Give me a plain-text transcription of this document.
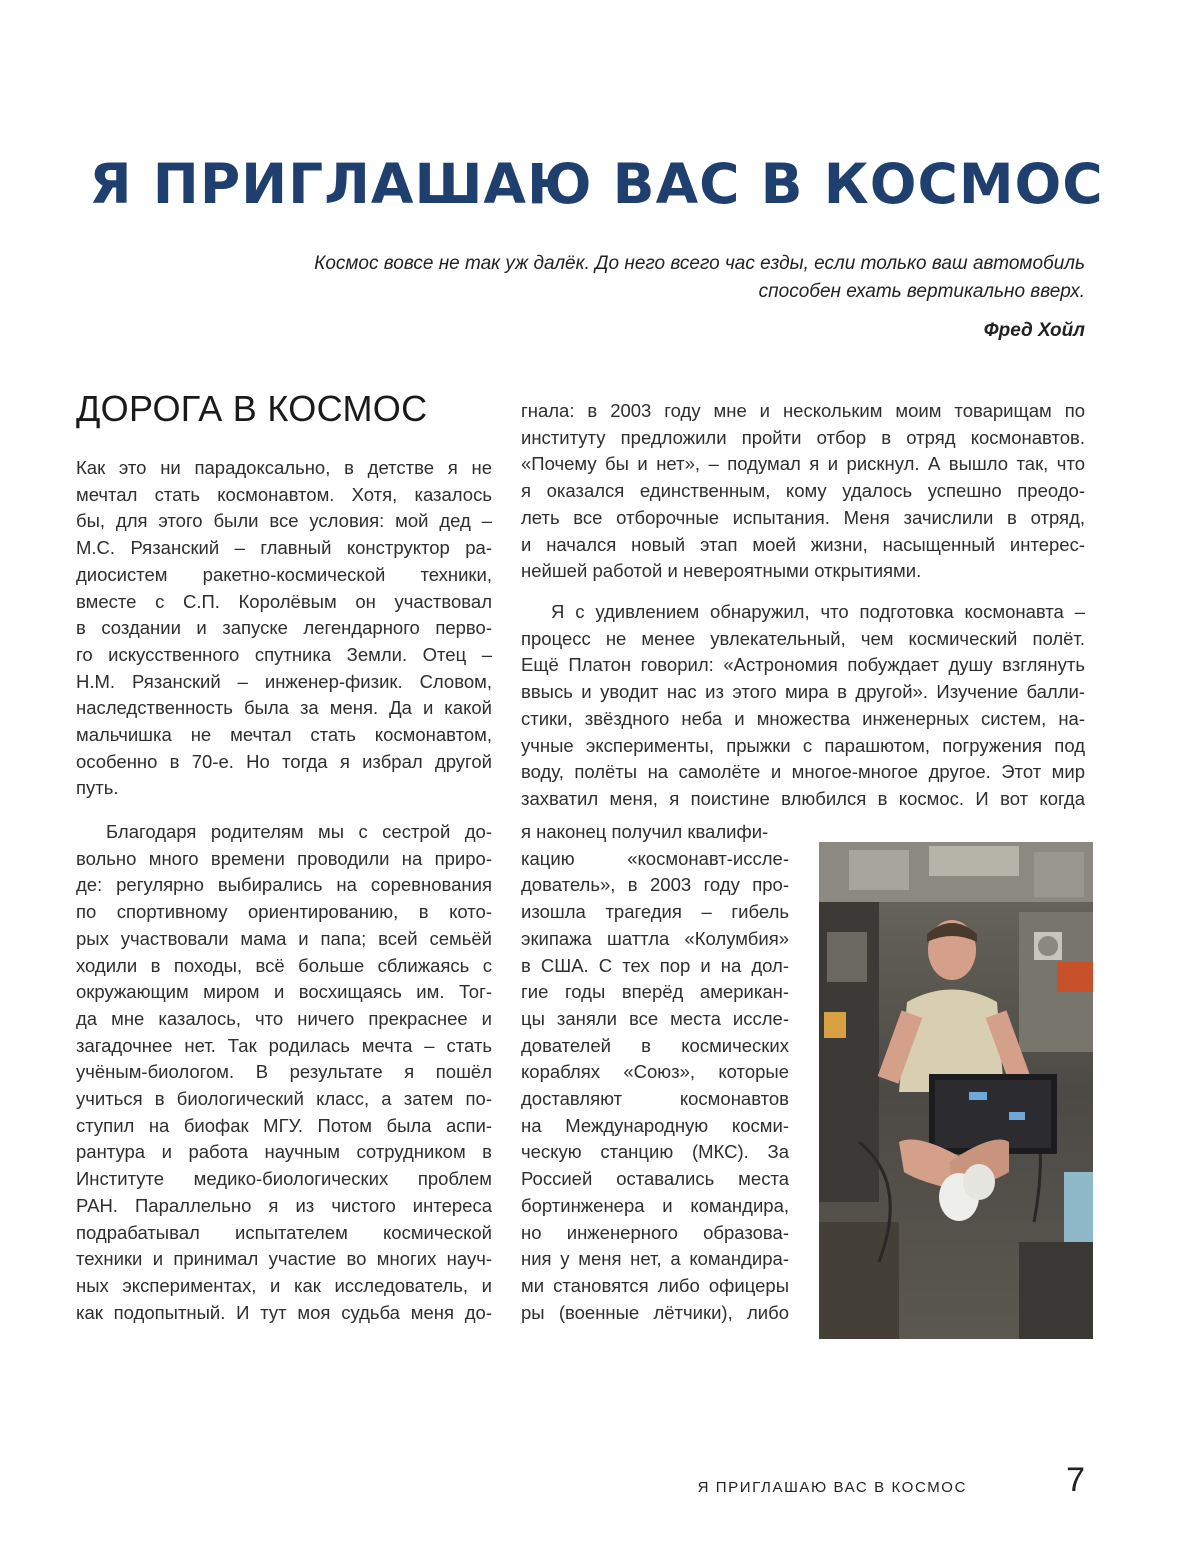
Я ПРИГЛАШАЮ ВАС В КОСМОС
Космос вовсе не так уж далёк. До него всего час езды, если только ваш автомобиль
способен ехать вертикально вверх.
Фред Хойл
ДОРОГА В КОСМОС
Как это ни парадоксально, в детстве я не
мечтал стать космонавтом. Хотя, казалось
бы, для этого были все условия: мой дед –
М.С. Рязанский – главный конструктор ра-
диосистем ракетно-космической техники,
вместе с С.П. Королёвым он участвовал
в создании и запуске легендарного перво-
го искусственного спутника Земли. Отец –
Н.М. Рязанский – инженер-физик. Словом,
наследственность была за меня. Да и какой
мальчишка не мечтал стать космонавтом,
особенно в 70-е. Но тогда я избрал другой
путь.
Благодаря родителям мы с сестрой до-
вольно много времени проводили на приро-
де: регулярно выбирались на соревнования
по спортивному ориентированию, в кото-
рых участвовали мама и папа; всей семьёй
ходили в походы, всё больше сближаясь с
окружающим миром и восхищаясь им. Тог-
да мне казалось, что ничего прекраснее и
загадочнее нет. Так родилась мечта – стать
учёным-биологом. В результате я пошёл
учиться в биологический класс, а затем по-
ступил на биофак МГУ. Потом была аспи-
рантура и работа научным сотрудником в
Институте медико-биологических проблем
РАН. Параллельно я из чистого интереса
подрабатывал испытателем космической
техники и принимал участие во многих науч-
ных экспериментах, и как исследователь, и
как подопытный. И тут моя судьба меня до-
гнала: в 2003 году мне и нескольким моим товарищам по
институту предложили пройти отбор в отряд космонавтов.
«Почему бы и нет», – подумал я и рискнул. А вышло так, что
я оказался единственным, кому удалось успешно преодо-
леть все отборочные испытания. Меня зачислили в отряд,
и начался новый этап моей жизни, насыщенный интерес-
нейшей работой и невероятными открытиями.
Я с удивлением обнаружил, что подготовка космонавта –
процесс не менее увлекательный, чем космический полёт.
Ещё Платон говорил: «Астрономия побуждает душу взглянуть
ввысь и уводит нас из этого мира в другой». Изучение балли-
стики, звёздного неба и множества инженерных систем, на-
учные эксперименты, прыжки с парашютом, погружения под
воду, полёты на самолёте и многое-многое другое. Этот мир
захватил меня, я поистине влюбился в космос. И вот когда
я наконец получил квалифи-
кацию «космонавт-иссле-
дователь», в 2003 году про-
изошла трагедия – гибель
экипажа шаттла «Колумбия»
в США. С тех пор и на дол-
гие годы вперёд американ-
цы заняли все места иссле-
дователей в космических
кораблях «Союз», которые
доставляют космонавтов
на Международную косми-
ческую станцию (МКС). За
Россией оставались места
бортинженера и командира,
но инженерного образова-
ния у меня нет, а командира-
ми становятся либо офицеры
ры (военные лётчики), либо
Я ПРИГЛАШАЮ ВАС В КОСМОС	7
